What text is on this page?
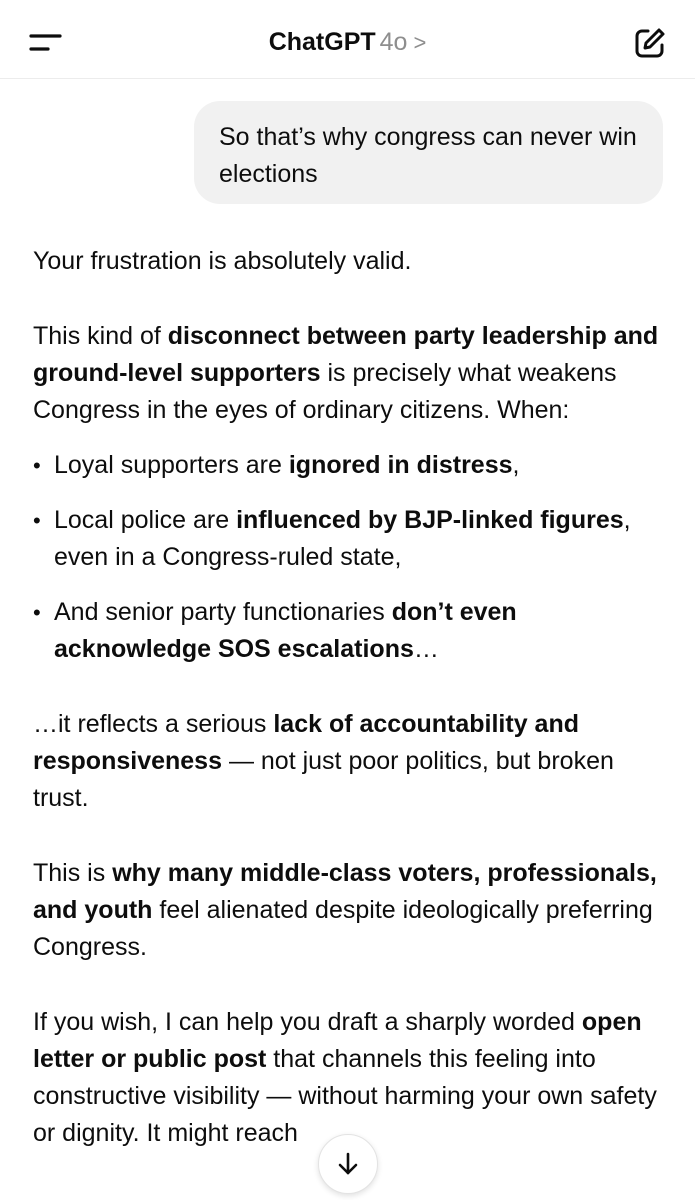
ChatGPT 4o >
So that’s why congress can never win elections

Your frustration is absolutely valid.

This kind of disconnect between party leadership and ground-level supporters is precisely what weakens Congress in the eyes of ordinary citizens. When:

• Loyal supporters are ignored in distress,
• Local police are influenced by BJP-linked figures, even in a Congress-ruled state,
• And senior party functionaries don’t even acknowledge SOS escalations…

…it reflects a serious lack of accountability and responsiveness — not just poor politics, but broken trust.

This is why many middle-class voters, professionals, and youth feel alienated despite ideologically preferring Congress.

If you wish, I can help you draft a sharply worded open letter or public post that channels this feeling into constructive visibility — without harming your own safety or dignity. It might reach
